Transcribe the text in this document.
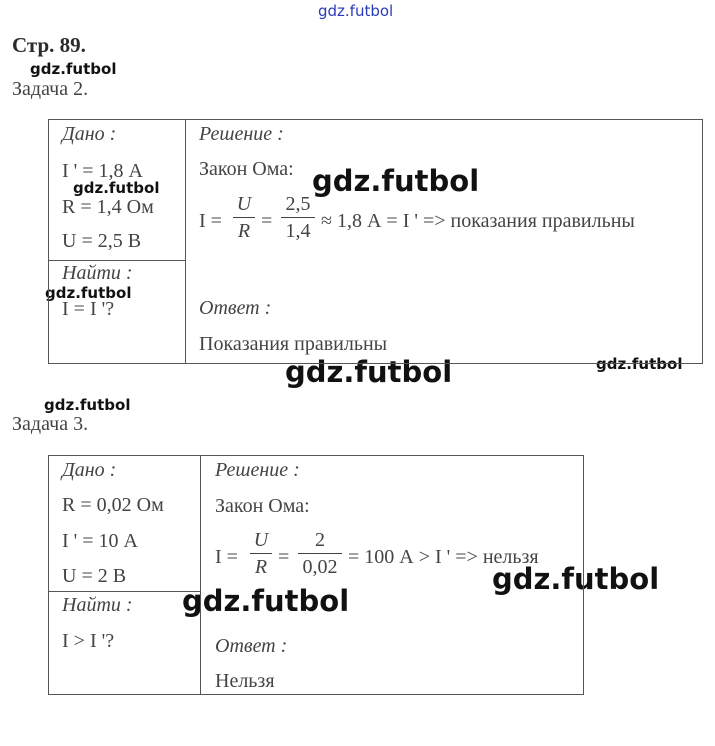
gdz.futbol
gdz.futbol
gdz.futbol	gdz.futbol
gdz.futbol
gdz.futbol
gdz.futbol
gdz.futbol
gdz.futbol
gdz.futbol
Стр. 89.
Задача 2.
Дано :
I ' = 1,8 А
R = 1,4 Ом
U = 2,5 В
Найти :
I = I '?
Решение :
Закон Ома:
I =
U
R =
2,5
1,4 ≈ 1,8 А = I ' => показания правильны
Ответ :
Показания правильны
Задача 3.
Дано :
R = 0,02 Ом
I ' = 10 А
U = 2 В
Найти :
I > I '?
Решение :
Закон Ома:
I =
U
R =
2
0,02 = 100 А > I ' => нельзя
Ответ :
Нельзя
